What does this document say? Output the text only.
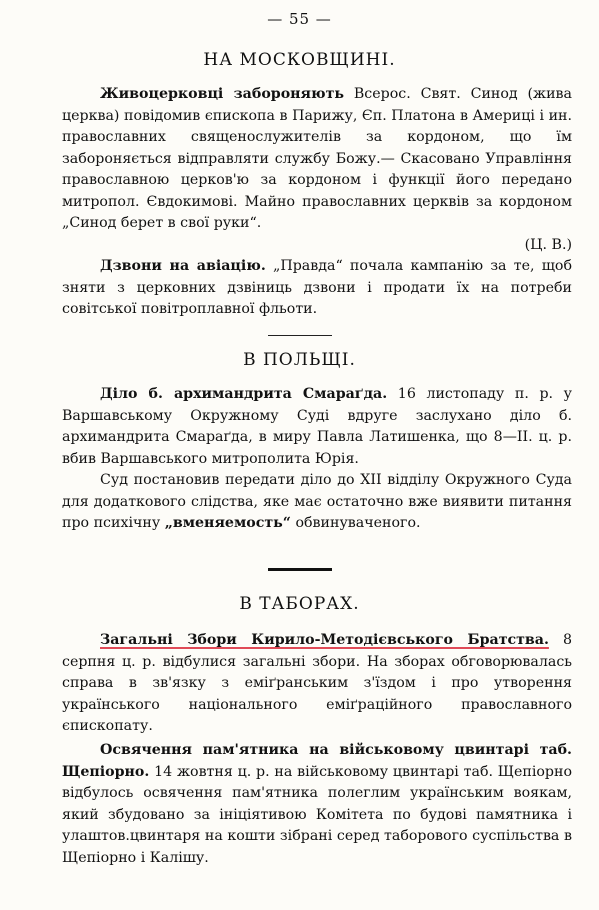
— 55 —
НА МОСКОВЩИНІ.
Живоцерковці забороняють Всерос. Свят. Синод (жива церква) повідомив єпископа в Парижу, Єп. Платона в Америці і ин. православних священослужителів за кордоном, що їм забороняється відправляти службу Божу.— Скасовано Управління православною церков'ю за кордоном і функції його передано митропол. Євдокимові. Майно православних церквів за кордоном „Синод берет в свої руки“.
(Ц. В.)
Дзвони на авіацію. „Правда“ почала кампанію за те, щоб зняти з церковних дзвіниць дзвони і продати їх на потреби совітської повітроплавної фльоти.
В ПОЛЬЩІ.
Діло б. архимандрита Смараґда. 16 листопаду п. р. у Варшавському Окружному Суді вдруге заслухано діло б. архимандрита Смараґда, в миру Павла Латишенка, що 8—ІІ. ц. р. вбив Варшавського митрополита Юрія.
Суд постановив передати діло до XII відділу Окружного Суда для додаткового слідства, яке має остаточно вже виявити питання про психічну „вменяемость“ обвинуваченого.
В ТАБОРАХ.
Загальні Збори Кирило-Методієвського Братства. 8 серпня ц. р. відбулися загальні збори. На зборах обговорювалась справа в зв'язку з еміґранським з'їздом і про утворення українського національного еміґраційного православного єпископату.
Освячення пам'ятника на військовому цвинтарі таб. Щепіорно. 14 жовтня ц. р. на військовому цвинтарі таб. Щепіорно відбулось освячення пам'ятника полеглим українським воякам, який збудовано за ініціятивою Комітета по будові памятника і улаштов.цвинтаря на кошти зібрані серед таборового суспільства в Щепіорно і Калішу.
